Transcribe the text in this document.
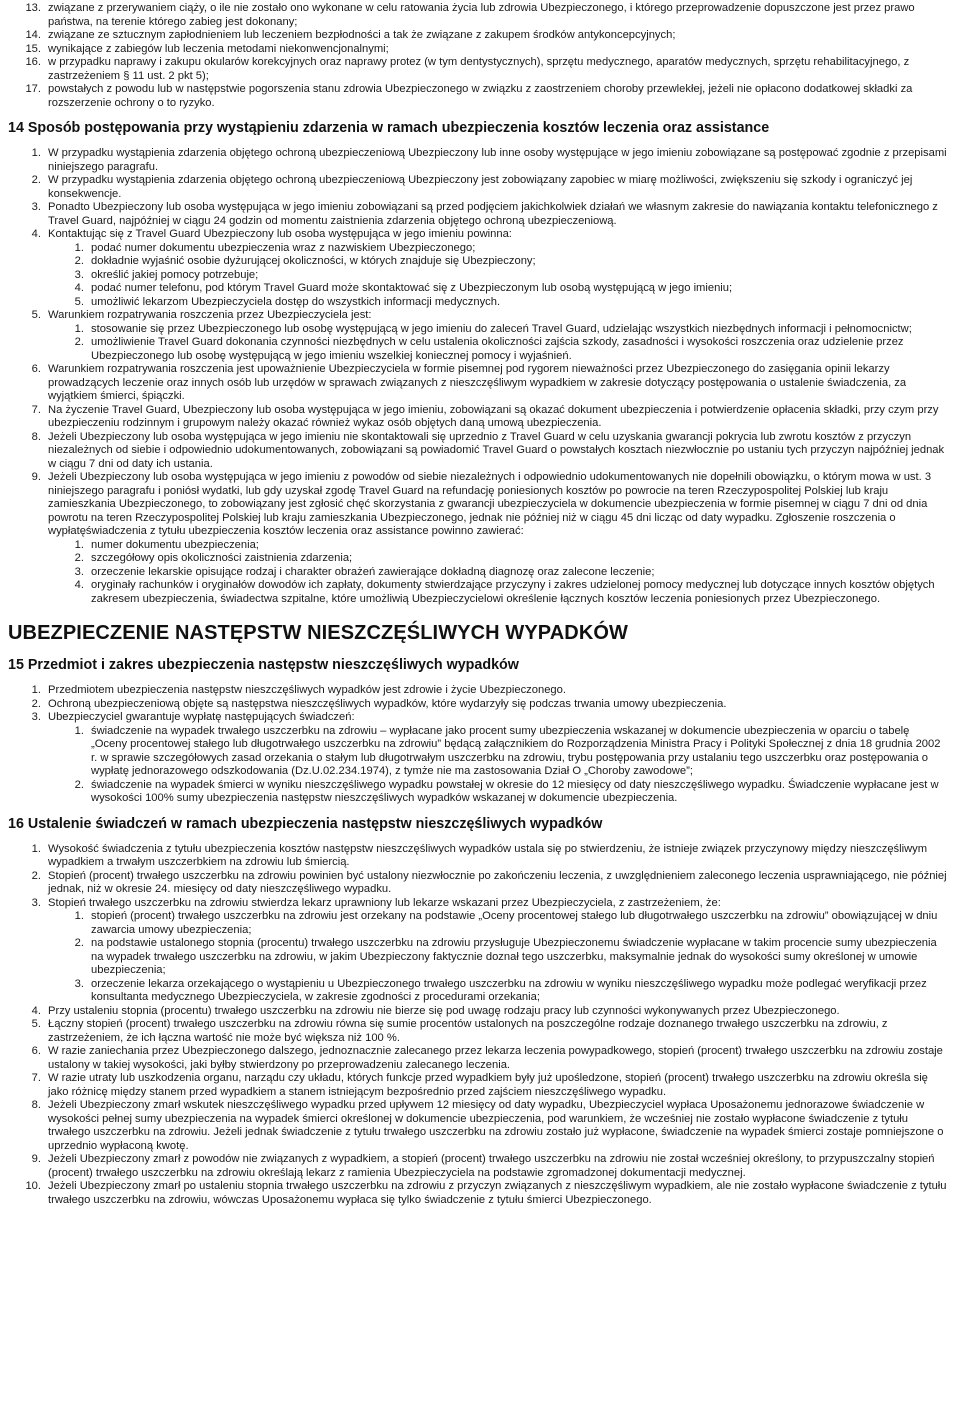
13. związane z przerywaniem ciąży, o ile nie zostało ono wykonane w celu ratowania życia lub zdrowia Ubezpieczonego, i którego przeprowadzenie dopuszczone jest przez prawo państwa, na terenie którego zabieg jest dokonany;
14. związane ze sztucznym zapłodnieniem lub leczeniem bezpłodności a tak że związane z zakupem środków antykoncepcyjnych;
15. wynikające z zabiegów lub leczenia metodami niekonwencjonalnymi;
16. w przypadku naprawy i zakupu okularów korekcyjnych oraz naprawy protez (w tym dentystycznych), sprzętu medycznego, aparatów medycznych, sprzętu rehabilitacyjnego, z zastrzeżeniem § 11 ust. 2 pkt 5);
17. powstałych z powodu lub w następstwie pogorszenia stanu zdrowia Ubezpieczonego w związku z zaostrzeniem choroby przewlekłej, jeżeli nie opłacono dodatkowej składki za rozszerzenie ochrony o to ryzyko.
14 Sposób postępowania przy wystąpieniu zdarzenia w ramach ubezpieczenia kosztów leczenia oraz assistance
1. W przypadku wystąpienia zdarzenia objętego ochroną ubezpieczeniową Ubezpieczony lub inne osoby występujące w jego imieniu zobowiązane są postępować zgodnie z przepisami niniejszego paragrafu.
2. W przypadku wystąpienia zdarzenia objętego ochroną ubezpieczeniową Ubezpieczony jest zobowiązany zapobiec w miarę możliwości, zwiększeniu się szkody i ograniczyć jej konsekwencje.
3. Ponadto Ubezpieczony lub osoba występująca w jego imieniu zobowiązani są przed podjęciem jakichkolwiek działań we własnym zakresie do nawiązania kontaktu telefonicznego z Travel Guard, najpóźniej w ciągu 24 godzin od momentu zaistnienia zdarzenia objętego ochroną ubezpieczeniową.
4. Kontaktując się z Travel Guard Ubezpieczony lub osoba występująca w jego imieniu powinna:
1. podać numer dokumentu ubezpieczenia wraz z nazwiskiem Ubezpieczonego;
2. dokładnie wyjaśnić osobie dyżurującej okoliczności, w których znajduje się Ubezpieczony;
3. określić jakiej pomocy potrzebuje;
4. podać numer telefonu, pod którym Travel Guard może skontaktować się z Ubezpieczonym lub osobą występującą w jego imieniu;
5. umożliwić lekarzom Ubezpieczyciela dostęp do wszystkich informacji medycznych.
5. Warunkiem rozpatrywania roszczenia przez Ubezpieczyciela jest:
1. stosowanie się przez Ubezpieczonego lub osobę występującą w jego imieniu do zaleceń Travel Guard, udzielając wszystkich niezbędnych informacji i pełnomocnictw;
2. umożliwienie Travel Guard dokonania czynności niezbędnych w celu ustalenia okoliczności zajścia szkody, zasadności i wysokości roszczenia oraz udzielenie przez Ubezpieczonego lub osobę występującą w jego imieniu wszelkiej koniecznej pomocy i wyjaśnień.
6. Warunkiem rozpatrywania roszczenia jest upoważnienie Ubezpieczyciela w formie pisemnej pod rygorem nieważności przez Ubezpieczonego do zasięgania opinii lekarzy prowadzących leczenie oraz innych osób lub urzędów w sprawach związanych z nieszczęśliwym wypadkiem w zakresie dotyczący postępowania o ustalenie świadczenia, za wyjątkiem śmierci, śpiączki.
7. Na życzenie Travel Guard, Ubezpieczony lub osoba występująca w jego imieniu, zobowiązani są okazać dokument ubezpieczenia i potwierdzenie opłacenia składki, przy czym przy ubezpieczeniu rodzinnym i grupowym należy okazać również wykaz osób objętych daną umową ubezpieczenia.
8. Jeżeli Ubezpieczony lub osoba występująca w jego imieniu nie skontaktowali się uprzednio z Travel Guard w celu uzyskania gwarancji pokrycia lub zwrotu kosztów z przyczyn niezależnych od siebie i odpowiednio udokumentowanych, zobowiązani są powiadomić Travel Guard o powstałych kosztach niezwłocznie po ustaniu tych przyczyn najpóźniej jednak w ciągu 7 dni od daty ich ustania.
9. Jeżeli Ubezpieczony lub osoba występująca w jego imieniu z powodów od siebie niezależnych i odpowiednio udokumentowanych nie dopełnili obowiązku, o którym mowa w ust. 3 niniejszego paragrafu i poniósł wydatki, lub gdy uzyskał zgodę Travel Guard na refundację poniesionych kosztów po powrocie na teren Rzeczypospolitej Polskiej lub kraju zamieszkania Ubezpieczonego, to zobowiązany jest zgłosić chęć skorzystania z gwarancji ubezpieczyciela w dokumencie ubezpieczenia w formie pisemnej w ciągu 7 dni od dnia powrotu na teren Rzeczypospolitej Polskiej lub kraju zamieszkania Ubezpieczonego, jednak nie później niż w ciągu 45 dni licząc od daty wypadku. Zgłoszenie roszczenia o wypłatęświadczenia z tytułu ubezpieczenia kosztów leczenia oraz assistance powinno zawierać:
1. numer dokumentu ubezpieczenia;
2. szczegółowy opis okoliczności zaistnienia zdarzenia;
3. orzeczenie lekarskie opisujące rodzaj i charakter obrażeń zawierające dokładną diagnozę oraz zalecone leczenie;
4. oryginały rachunków i oryginałów dowodów ich zapłaty, dokumenty stwierdzające przyczyny i zakres udzielonej pomocy medycznej lub dotyczące innych kosztów objętych zakresem ubezpieczenia, świadectwa szpitalne, które umożliwią Ubezpieczycielowi określenie łącznych kosztów leczenia poniesionych przez Ubezpieczonego.
UBEZPIECZENIE NASTĘPSTW NIESZCZĘŚLIWYCH WYPADKÓW
15 Przedmiot i zakres ubezpieczenia następstw nieszczęśliwych wypadków
1. Przedmiotem ubezpieczenia następstw nieszczęśliwych wypadków jest zdrowie i życie Ubezpieczonego.
2. Ochroną ubezpieczeniową objęte są następstwa nieszczęśliwych wypadków, które wydarzyły się podczas trwania umowy ubezpieczenia.
3. Ubezpieczyciel gwarantuje wypłatę następujących świadczeń:
1. świadczenie na wypadek trwałego uszczerbku na zdrowiu – wypłacane jako procent sumy ubezpieczenia wskazanej w dokumencie ubezpieczenia w oparciu o tabelę „Oceny procentowej stałego lub długotrwałego uszczerbku na zdrowiu” będącą załącznikiem do Rozporządzenia Ministra Pracy i Polityki Społecznej z dnia 18 grudnia 2002 r. w sprawie szczegółowych zasad orzekania o stałym lub długotrwałym uszczerbku na zdrowiu, trybu postępowania przy ustalaniu tego uszczerbku oraz postępowania o wypłatę jednorazowego odszkodowania (Dz.U.02.234.1974), z tymże nie ma zastosowania Dział O „Choroby zawodowe”;
2. świadczenie na wypadek śmierci w wyniku nieszczęśliwego wypadku powstałej w okresie do 12 miesięcy od daty nieszczęśliwego wypadku. Świadczenie wypłacane jest w wysokości 100% sumy ubezpieczenia następstw nieszczęśliwych wypadków wskazanej w dokumencie ubezpieczenia.
16 Ustalenie świadczeń w ramach ubezpieczenia następstw nieszczęśliwych wypadków
1. Wysokość świadczenia z tytułu ubezpieczenia kosztów następstw nieszczęśliwych wypadków ustala się po stwierdzeniu, że istnieje związek przyczynowy między nieszczęśliwym wypadkiem a trwałym uszczerbkiem na zdrowiu lub śmiercią.
2. Stopień (procent) trwałego uszczerbku na zdrowiu powinien być ustalony niezwłocznie po zakończeniu leczenia, z uwzględnieniem zaleconego leczenia usprawniającego, nie później jednak, niż w okresie 24. miesięcy od daty nieszczęśliwego wypadku.
3. Stopień trwałego uszczerbku na zdrowiu stwierdza lekarz uprawniony lub lekarze wskazani przez Ubezpieczyciela, z zastrzeżeniem, że:
1. stopień (procent) trwałego uszczerbku na zdrowiu jest orzekany na podstawie „Oceny procentowej stałego lub długotrwałego uszczerbku na zdrowiu” obowiązującej w dniu zawarcia umowy ubezpieczenia;
2. na podstawie ustalonego stopnia (procentu) trwałego uszczerbku na zdrowiu przysługuje Ubezpieczonemu świadczenie wypłacane w takim procencie sumy ubezpieczenia na wypadek trwałego uszczerbku na zdrowiu, w jakim Ubezpieczony faktycznie doznał tego uszczerbku, maksymalnie jednak do wysokości sumy określonej w umowie ubezpieczenia;
3. orzeczenie lekarza orzekającego o wystąpieniu u Ubezpieczonego trwałego uszczerbku na zdrowiu w wyniku nieszczęśliwego wypadku może podlegać weryfikacji przez konsultanta medycznego Ubezpieczyciela, w zakresie zgodności z procedurami orzekania;
4. Przy ustaleniu stopnia (procentu) trwałego uszczerbku na zdrowiu nie bierze się pod uwagę rodzaju pracy lub czynności wykonywanych przez Ubezpieczonego.
5. Łączny stopień (procent) trwałego uszczerbku na zdrowiu równa się sumie procentów ustalonych na poszczególne rodzaje doznanego trwałego uszczerbku na zdrowiu, z zastrzeżeniem, że ich łączna wartość nie może być większa niż 100 %.
6. W razie zaniechania przez Ubezpieczonego dalszego, jednoznacznie zalecanego przez lekarza leczenia powypadkowego, stopień (procent) trwałego uszczerbku na zdrowiu zostaje ustalony w takiej wysokości, jaki byłby stwierdzony po przeprowadzeniu zalecanego leczenia.
7. W razie utraty lub uszkodzenia organu, narządu czy układu, których funkcje przed wypadkiem były już upośledzone, stopień (procent) trwałego uszczerbku na zdrowiu określa się jako różnicę między stanem przed wypadkiem a stanem istniejącym bezpośrednio przed zajściem nieszczęśliwego wypadku.
8. Jeżeli Ubezpieczony zmarł wskutek nieszczęśliwego wypadku przed upływem 12 miesięcy od daty wypadku, Ubezpieczyciel wypłaca Uposażonemu jednorazowe świadczenie w wysokości pełnej sumy ubezpieczenia na wypadek śmierci określonej w dokumencie ubezpieczenia, pod warunkiem, że wcześniej nie zostało wypłacone świadczenie z tytułu trwałego uszczerbku na zdrowiu. Jeżeli jednak świadczenie z tytułu trwałego uszczerbku na zdrowiu zostało już wypłacone, świadczenie na wypadek śmierci zostaje pomniejszone o uprzednio wypłaconą kwotę.
9. Jeżeli Ubezpieczony zmarł z powodów nie związanych z wypadkiem, a stopień (procent) trwałego uszczerbku na zdrowiu nie został wcześniej określony, to przypuszczalny stopień (procent) trwałego uszczerbku na zdrowiu określają lekarz z ramienia Ubezpieczyciela na podstawie zgromadzonej dokumentacji medycznej.
10. Jeżeli Ubezpieczony zmarł po ustaleniu stopnia trwałego uszczerbku na zdrowiu z przyczyn związanych z nieszczęśliwym wypadkiem, ale nie zostało wypłacone świadczenie z tytułu trwałego uszczerbku na zdrowiu, wówczas Uposażonemu wypłaca się tylko świadczenie z tytułu śmierci Ubezpieczonego.
